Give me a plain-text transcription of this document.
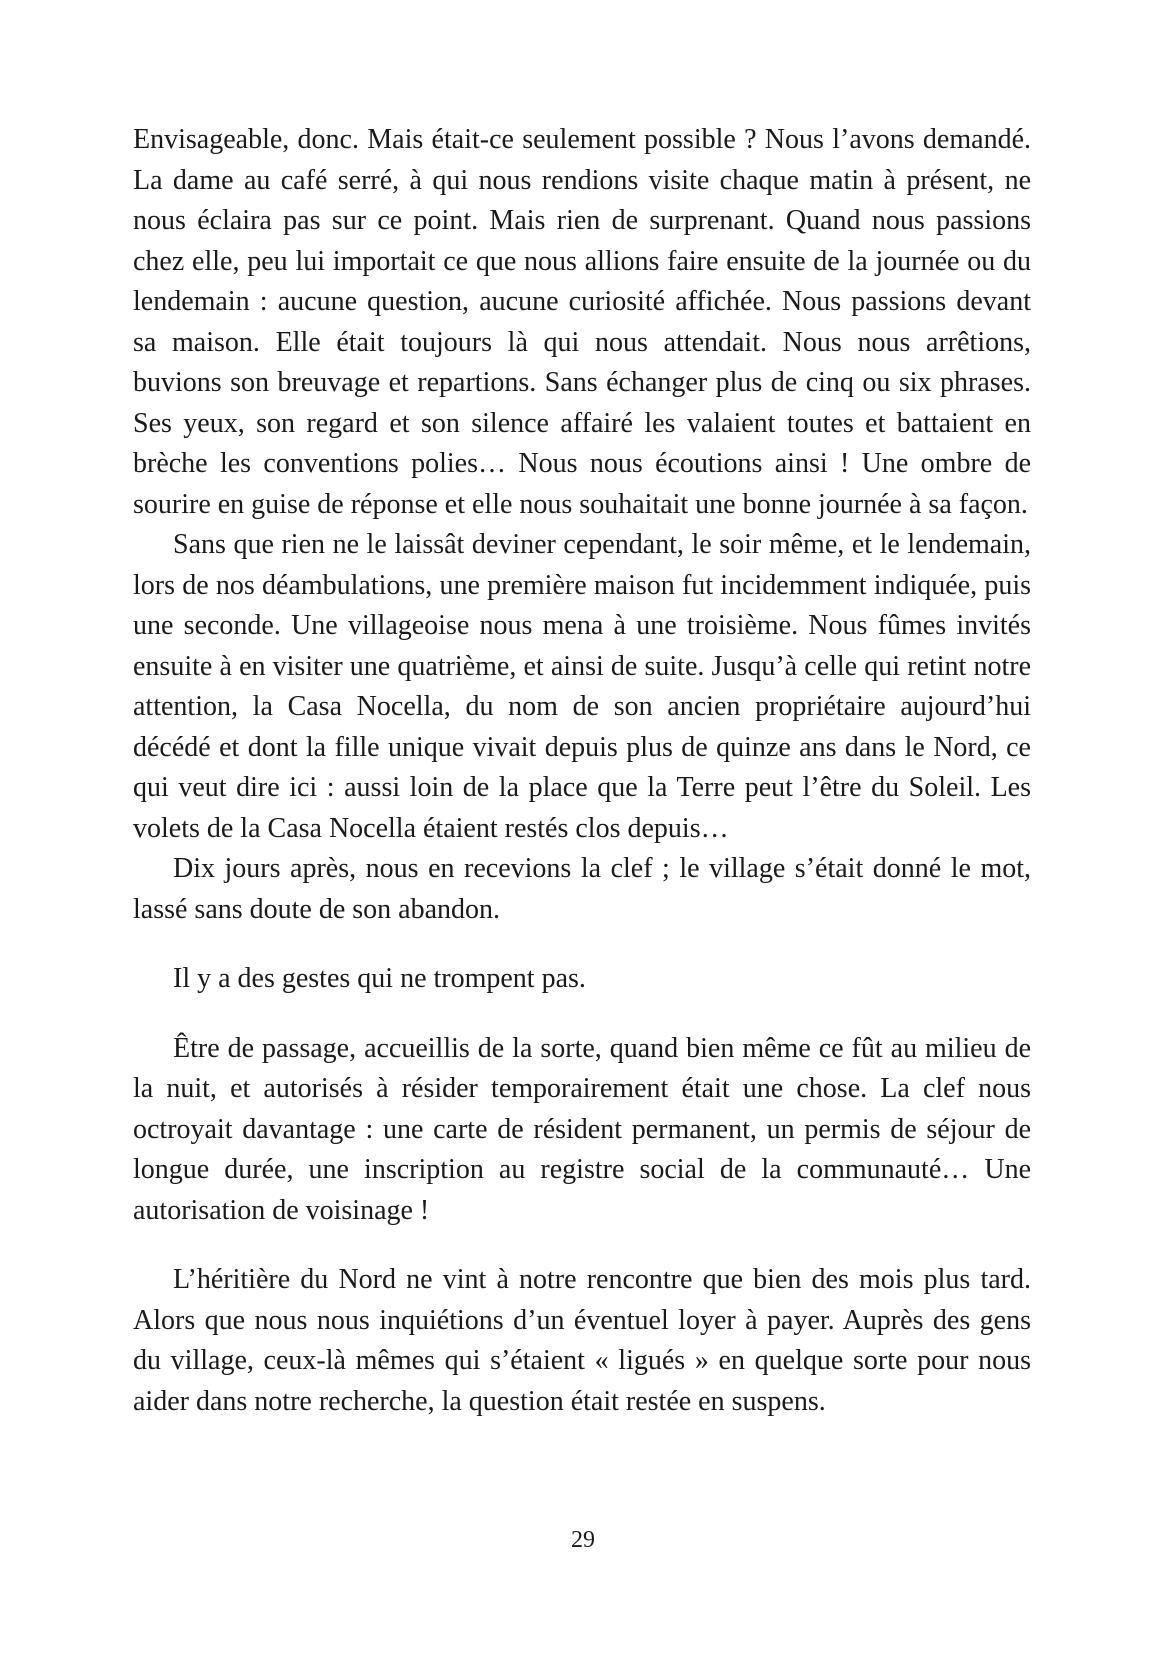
Envisageable, donc. Mais était-ce seulement possible ? Nous l’avons demandé. La dame au café serré, à qui nous rendions visite chaque matin à présent, ne nous éclaira pas sur ce point. Mais rien de surprenant. Quand nous passions chez elle, peu lui importait ce que nous allions faire ensuite de la journée ou du lendemain : aucune question, aucune curiosité affichée. Nous passions devant sa maison. Elle était toujours là qui nous attendait. Nous nous arrêtions, buvions son breuvage et repartions. Sans échanger plus de cinq ou six phrases. Ses yeux, son regard et son silence affairé les valaient toutes et battaient en brèche les conventions polies… Nous nous écoutions ainsi ! Une ombre de sourire en guise de réponse et elle nous souhaitait une bonne journée à sa façon.

Sans que rien ne le laissât deviner cependant, le soir même, et le lendemain, lors de nos déambulations, une première maison fut incidemment indiquée, puis une seconde. Une villageoise nous mena à une troisième. Nous fûmes invités ensuite à en visiter une quatrième, et ainsi de suite. Jusqu’à celle qui retint notre attention, la Casa Nocella, du nom de son ancien propriétaire aujourd’hui décédé et dont la fille unique vivait depuis plus de quinze ans dans le Nord, ce qui veut dire ici : aussi loin de la place que la Terre peut l’être du Soleil. Les volets de la Casa Nocella étaient restés clos depuis…

Dix jours après, nous en recevions la clef ; le village s’était donné le mot, lassé sans doute de son abandon.

Il y a des gestes qui ne trompent pas.

Être de passage, accueillis de la sorte, quand bien même ce fût au milieu de la nuit, et autorisés à résider temporairement était une chose. La clef nous octroyait davantage : une carte de résident permanent, un permis de séjour de longue durée, une inscription au registre social de la communauté… Une autorisation de voisinage !

L’héritière du Nord ne vint à notre rencontre que bien des mois plus tard. Alors que nous nous inquiétions d’un éventuel loyer à payer. Auprès des gens du village, ceux-là mêmes qui s’étaient « ligués » en quelque sorte pour nous aider dans notre recherche, la question était restée en suspens.

29
